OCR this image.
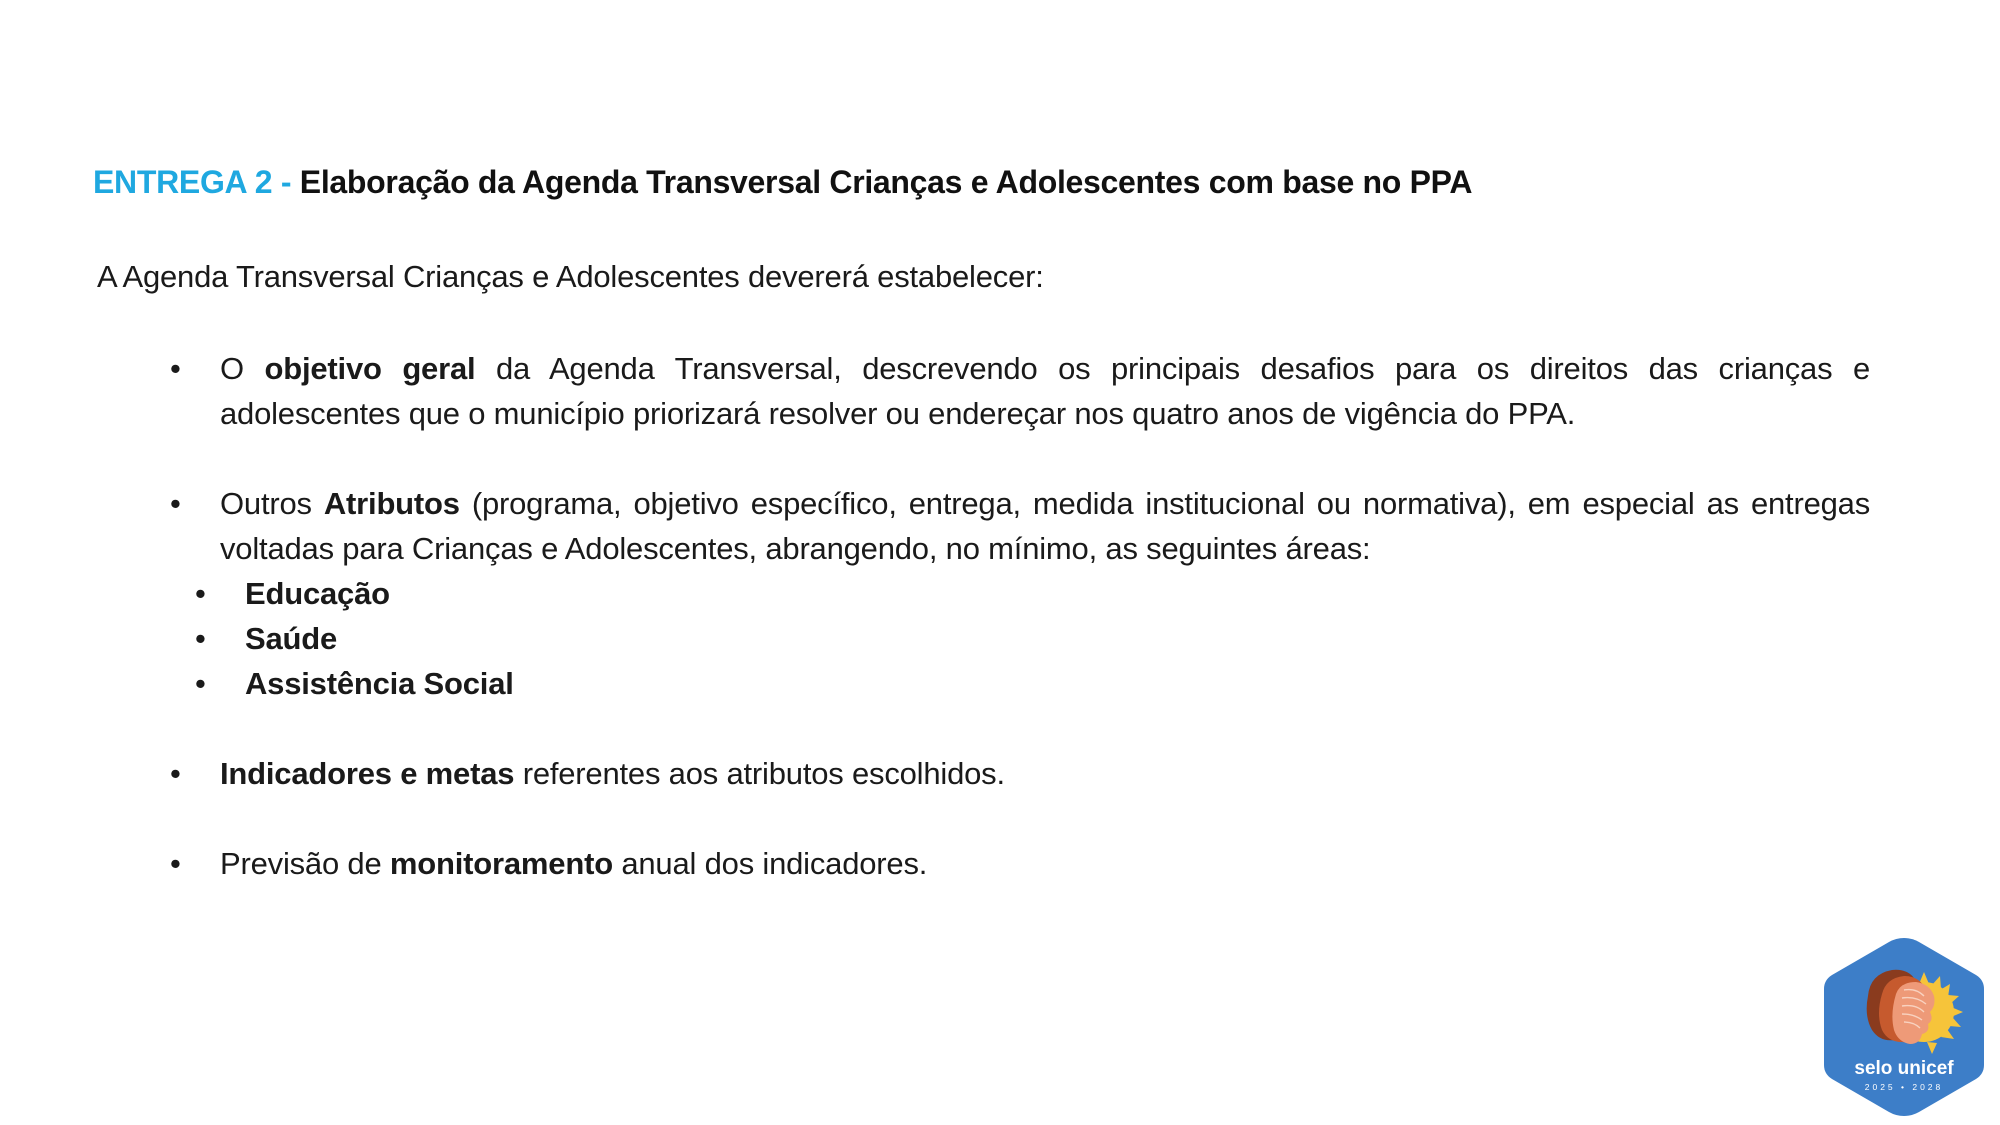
ENTREGA 2 - Elaboração da Agenda Transversal Crianças e Adolescentes com base no PPA
A Agenda Transversal Crianças e Adolescentes devererá estabelecer:
•	O objetivo geral da Agenda Transversal, descrevendo os principais desafios para os direitos das crianças e adolescentes que o município priorizará resolver ou endereçar nos quatro anos de vigência do PPA.
•	Outros Atributos (programa, objetivo específico, entrega, medida institucional ou normativa), em especial as entregas voltadas para Crianças e Adolescentes, abrangendo, no mínimo, as seguintes áreas:
• Educação
• Saúde
• Assistência Social
•	Indicadores e metas referentes aos atributos escolhidos.
•	Previsão de monitoramento anual dos indicadores.
selo unicef
2025 • 2028
